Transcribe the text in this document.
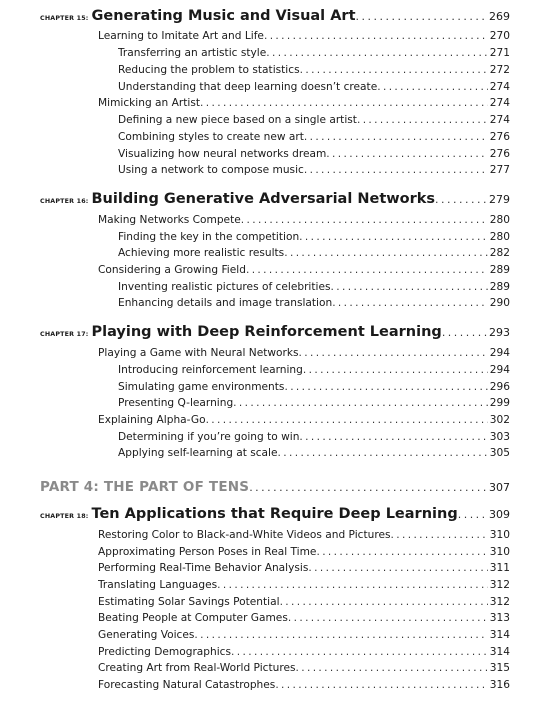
CHAPTER 15: Generating Music and Visual Art . . .	269
Learning to Imitate Art and Life . . .	270
Transferring an artistic style . . .	271
Reducing the problem to statistics . . .	272
Understanding that deep learning doesn’t create . . .	274
Mimicking an Artist . . .	274
Defining a new piece based on a single artist . . .	274
Combining styles to create new art . . .	276
Visualizing how neural networks dream . . .	276
Using a network to compose music . . .	277
CHAPTER 16: Building Generative Adversarial Networks . . .	279
Making Networks Compete . . .	280
Finding the key in the competition . . .	280
Achieving more realistic results . . .	282
Considering a Growing Field . . .	289
Inventing realistic pictures of celebrities . . .	289
Enhancing details and image translation . . .	290
CHAPTER 17: Playing with Deep Reinforcement Learning . . .	293
Playing a Game with Neural Networks . . .	294
Introducing reinforcement learning . . .	294
Simulating game environments . . .	296
Presenting Q-learning . . .	299
Explaining Alpha-Go . . .	302
Determining if you’re going to win . . .	303
Applying self-learning at scale . . .	305
PART 4: THE PART OF TENS . . .	307
CHAPTER 18: Ten Applications that Require Deep Learning . . .	309
Restoring Color to Black-and-White Videos and Pictures . . .	310
Approximating Person Poses in Real Time . . .	310
Performing Real-Time Behavior Analysis . . .	311
Translating Languages . . .	312
Estimating Solar Savings Potential . . .	312
Beating People at Computer Games . . .	313
Generating Voices . . .	314
Predicting Demographics . . .	314
Creating Art from Real-World Pictures . . .	315
Forecasting Natural Catastrophes . . .	316
